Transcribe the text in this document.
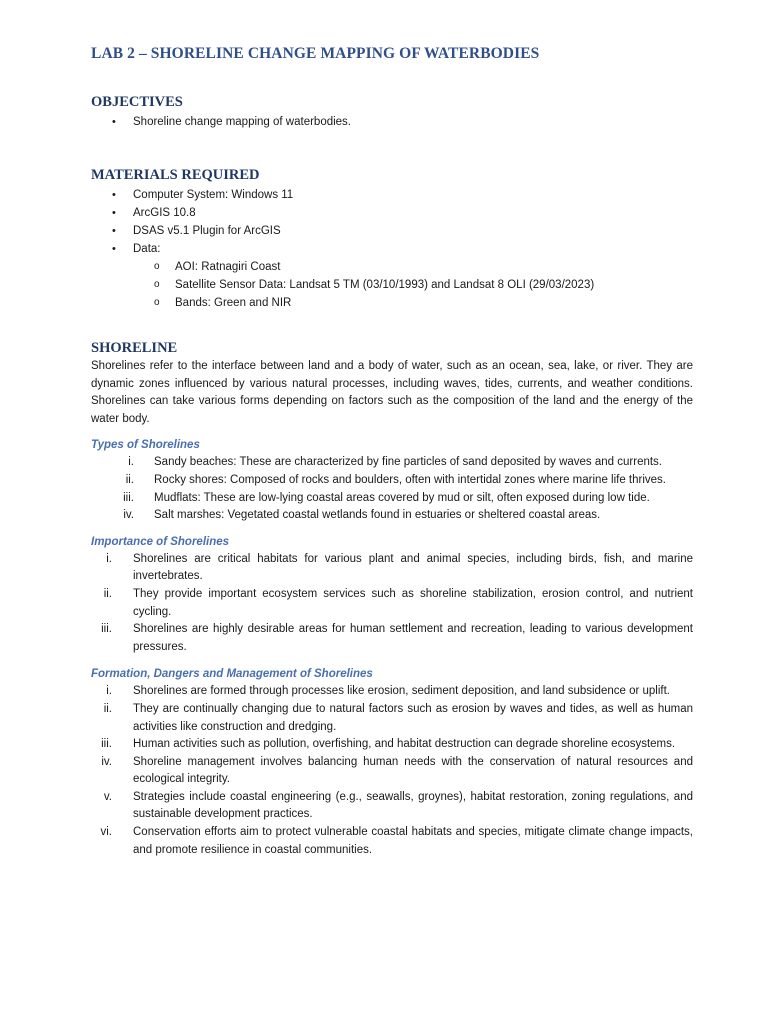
LAB 2 – SHORELINE CHANGE MAPPING OF WATERBODIES
OBJECTIVES
• Shoreline change mapping of waterbodies.
MATERIALS REQUIRED
• Computer System: Windows 11
• ArcGIS 10.8
• DSAS v5.1 Plugin for ArcGIS
• Data:
o AOI: Ratnagiri Coast
o Satellite Sensor Data: Landsat 5 TM (03/10/1993) and Landsat 8 OLI (29/03/2023)
o Bands: Green and NIR
SHORELINE

Shorelines refer to the interface between land and a body of water, such as an ocean, sea, lake, or river. They are dynamic zones influenced by various natural processes, including waves, tides, currents, and weather conditions. Shorelines can take various forms depending on factors such as the composition of the land and the energy of the water body.

Types of Shorelines
i. Sandy beaches: These are characterized by fine particles of sand deposited by waves and currents.
ii. Rocky shores: Composed of rocks and boulders, often with intertidal zones where marine life thrives.
iii. Mudflats: These are low-lying coastal areas covered by mud or silt, often exposed during low tide.
iv. Salt marshes: Vegetated coastal wetlands found in estuaries or sheltered coastal areas.
Importance of Shorelines
i. Shorelines are critical habitats for various plant and animal species, including birds, fish, and marine invertebrates.
ii. They provide important ecosystem services such as shoreline stabilization, erosion control, and nutrient cycling.
iii. Shorelines are highly desirable areas for human settlement and recreation, leading to various development pressures.
Formation, Dangers and Management of Shorelines
i. Shorelines are formed through processes like erosion, sediment deposition, and land subsidence or uplift.
ii. They are continually changing due to natural factors such as erosion by waves and tides, as well as human activities like construction and dredging.
iii. Human activities such as pollution, overfishing, and habitat destruction can degrade shoreline ecosystems.
iv. Shoreline management involves balancing human needs with the conservation of natural resources and ecological integrity.
v. Strategies include coastal engineering (e.g., seawalls, groynes), habitat restoration, zoning regulations, and sustainable development practices.
vi. Conservation efforts aim to protect vulnerable coastal habitats and species, mitigate climate change impacts, and promote resilience in coastal communities.
